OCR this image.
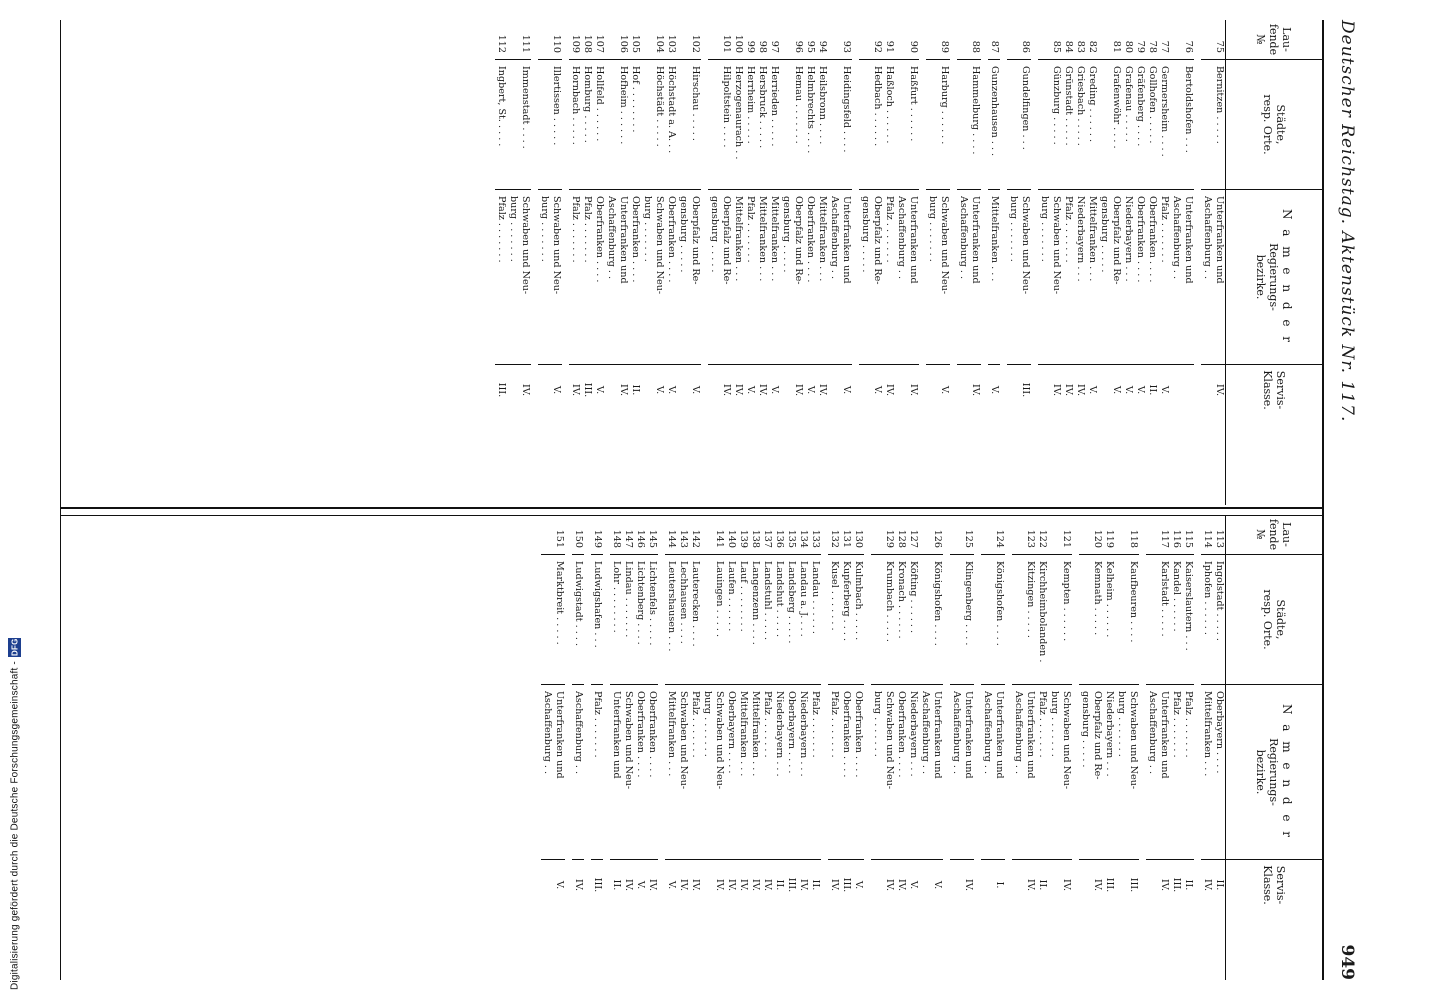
Digitalisierung gefördert durch die Deutsche Forschungsgemeinschaft -
DFG
Deutscher Reichstag. Aktenstück Nr. 117.
949
Lau-
fende
№
Städte,
resp. Orte.
N a m e n d e r
Regierungs-
bezirke.
Servis-
Klasse.
75
Bernitzen . . . . .
Unterfranken und
IV.
Aschaffenburg . .
76
Bertoldshofen . . .
Unterfranken und
Aschaffenburg . .
77
Germersheim . . . .
Pfalz . . . . . . .
V.
78
Gollhofen . . . . .
Oberfranken . . . .
II.
79
Gräfenberg . . . .
Oberfranken . . . .
V.
80
Grafenau . . . . .
Niederbayern . . .
V.
81
Grafenwöhr . . . .
Oberpfalz und Re-
V.
gensburg . . . . .
82
Greding . . . . . .
Mittelfranken . . .
V.
83
Griesbach . . . . .
Niederbayern . . .
IV.
84
Grünstadt . . . . .
Pfalz . . . . . . .
IV.
85
Günzburg . . . . .
Schwaben und Neu-
IV.
burg . . . . . . .
86
Gundelfingen . . .
Schwaben und Neu-
III.
burg . . . . . . .
87
Gunzenhausen . . .
Mittelfranken . . .
V.
88
Hammelburg . . . .
Unterfranken und
IV.
Aschaffenburg . .
89
Harburg . . . . . .
Schwaben und Neu-
V.
burg . . . . . . .
90
Haßfurt . . . . . .
Unterfranken und
IV.
Aschaffenburg . .
91
Haßloch . . . . . .
Pfalz . . . . . . .
IV.
92
Hedbach . . . . . .
Oberpfalz und Re-
V.
gensburg . . . . .
93
Heidingsfeld . . . .
Unterfranken und
V.
Aschaffenburg . .
94
Heilsbronn . . . .
Mittelfranken . . .
IV.
95
Helmbrechts . . . .
Oberfranken . . . .
V.
96
Hemau . . . . . . .
Oberpfalz und Re-
IV.
gensburg . . . . .
97
Herrieden . . . . .
Mittelfranken . . .
V.
98
Hersbruck . . . . .
Mittelfranken . . .
IV.
99
Herrheim . . . . .
Pfalz . . . . . . .
V.
100
Herzogenaurach . .
Mittelfranken . . .
IV.
101
Hilpoltstein . . . .
Oberpfalz und Re-
IV.
gensburg . . . . .
102
Hirschau . . . . .
Oberpfalz und Re-
V.
gensburg . . . . .
103
Höchstadt a. A. . .
Oberfranken . . . .
V.
104
Höchstädt . . . . .
Schwaben und Neu-
V.
burg . . . . . . .
105
Hof . . . . . . . .
Oberfranken . . . .
II.
106
Hofheim . . . . . .
Unterfranken und
IV.
Aschaffenburg . .
107
Hollfeld . . . . . .
Oberfranken . . . .
V.
108
Homburg . . . . .
Pfalz . . . . . . .
III.
109
Hornbach . . . . .
Pfalz . . . . . . .
IV.
110
Illertissen . . . . .
Schwaben und Neu-
V.
burg . . . . . . .
111
Immenstadt . . . .
Schwaben und Neu-
IV.
burg . . . . . . .
112
Ingbert, St. . . . .
Pfalz . . . . . . .
III.
Lau-
fende
№
Städte,
resp. Orte.
N a m e n d e r
Regierungs-
bezirke.
Servis-
Klasse.
113
Ingolstadt . . . . .
Oberbayern . . . .
II.
114
Iphofen . . . . . .
Mittelfranken . . .
IV.
115
Kaiserslautern . . .
Pfalz . . . . . . .
II.
116
Kandel . . . . . .
Pfalz . . . . . . .
III.
117
Karlstadt . . . . .
Unterfranken und
IV.
Aschaffenburg . .
118
Kaufbeuren . . . .
Schwaben und Neu-
III.
burg . . . . . . .
119
Kelheim . . . . . .
Niederbayern . . .
III.
120
Kemnath . . . . .
Oberpfalz und Re-
IV.
gensburg . . . . .
121
Kempten . . . . . .
Schwaben und Neu-
IV.
burg . . . . . . .
122
Kirchheimbolanden .
Pfalz . . . . . . .
II.
123
Kitzingen . . . . .
Unterfranken und
IV.
Aschaffenburg . .
124
Königshofen . . . .
Unterfranken und
I.
Aschaffenburg . .
125
Klingenberg . . . .
Unterfranken und
IV.
Aschaffenburg . .
126
Königshofen . . . .
Unterfranken und
V.
Aschaffenburg . .
127
Köfting . . . . . .
Niederbayern . . .
V.
128
Kronach . . . . . .
Oberfranken . . . .
IV.
129
Krumbach . . . . .
Schwaben und Neu-
IV.
burg . . . . . . .
130
Kulmbach . . . . .
Oberfranken . . . .
V.
131
Kupferberg . . . .
Oberfranken . . . .
III.
132
Kusel . . . . . . .
Pfalz . . . . . . .
IV.
133
Landau . . . . . .
Pfalz . . . . . . .
II.
134
Landau a. J. . . .
Niederbayern . . .
IV.
135
Landsberg . . . . .
Oberbayern . . . .
III.
136
Landshut . . . . .
Niederbayern . . .
II.
137
Landstuhl . . . . .
Pfalz . . . . . . .
IV.
138
Langenzenn . . . .
Mittelfranken . . .
IV.
139
Lauf . . . . . . . .
Mittelfranken . . .
IV.
140
Laufen . . . . . .
Oberbayern . . . .
IV.
141
Lauingen . . . . .
Schwaben und Neu-
IV.
burg . . . . . . .
142
Lauterecken . . . .
Pfalz . . . . . . .
IV.
143
Lechhausen . . . .
Schwaben und Neu-
IV.
144
Leutershausen . . .
Mittelfranken . . .
V.
145
Lichtenfels . . . . .
Oberfranken . . . .
IV.
146
Lichtenberg . . . .
Oberfranken . . . .
V.
147
Lindau . . . . . . .
Schwaben und Neu-
IV.
148
Lohr . . . . . . . .
Unterfranken und
II.
149
Ludwigshafen . . .
Pfalz . . . . . . .
III.
150
Ludwigstadt . . . .
Aschaffenburg . .
IV.
151
Marktbreit . . . . .
Unterfranken und
V.
Aschaffenburg . .
